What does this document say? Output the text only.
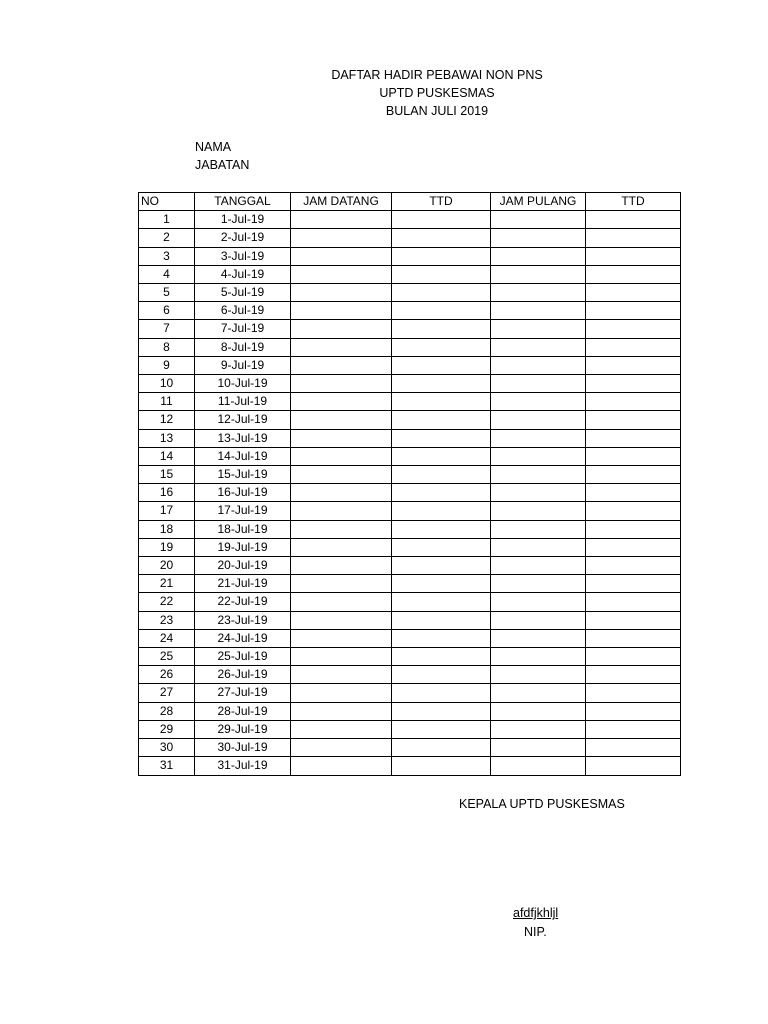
DAFTAR HADIR PEBAWAI NON PNS
UPTD PUSKESMAS
BULAN JULI 2019
NAMA
JABATAN
NO	TANGGAL	JAM DATANG	TTD	JAM PULANG	TTD
1	1-Jul-19				
2	2-Jul-19				
3	3-Jul-19				
4	4-Jul-19				
5	5-Jul-19				
6	6-Jul-19				
7	7-Jul-19				
8	8-Jul-19				
9	9-Jul-19				
10	10-Jul-19				
11	11-Jul-19				
12	12-Jul-19				
13	13-Jul-19				
14	14-Jul-19				
15	15-Jul-19				
16	16-Jul-19				
17	17-Jul-19				
18	18-Jul-19				
19	19-Jul-19				
20	20-Jul-19				
21	21-Jul-19				
22	22-Jul-19				
23	23-Jul-19				
24	24-Jul-19				
25	25-Jul-19				
26	26-Jul-19				
27	27-Jul-19				
28	28-Jul-19				
29	29-Jul-19				
30	30-Jul-19				
31	31-Jul-19				
KEPALA UPTD PUSKESMAS
afdfjkhljl
NIP.
